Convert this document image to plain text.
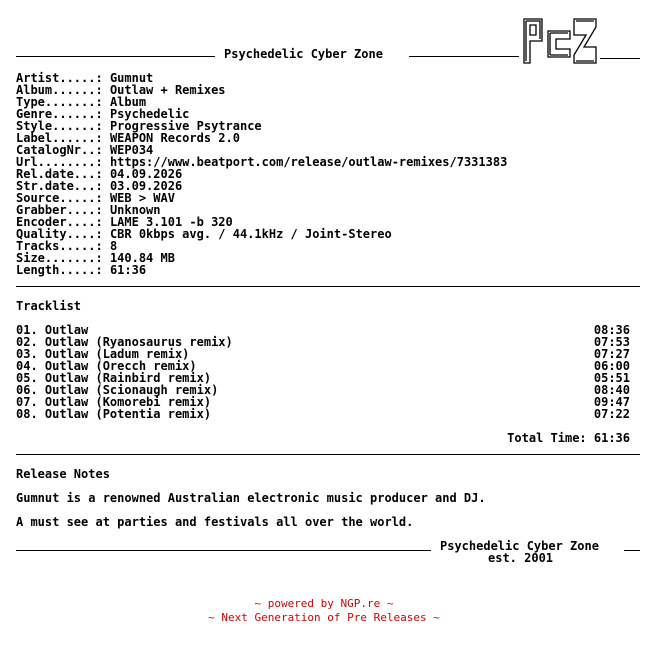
Psychedelic Cyber Zone
PCZ
Artist.....: Gumnut
Album......: Outlaw + Remixes
Type.......: Album
Genre......: Psychedelic
Style......: Progressive Psytrance
Label......: WEAPON Records 2.0
CatalogNr..: WEP034
Url........: https://www.beatport.com/release/outlaw-remixes/7331383
Rel.date...: 04.09.2026
Str.date...: 03.09.2026
Source.....: WEB > WAV
Grabber....: Unknown
Encoder....: LAME 3.101 -b 320
Quality....: CBR 0kbps avg. / 44.1kHz / Joint-Stereo
Tracks.....: 8
Size.......: 140.84 MB
Length.....: 61:36
Tracklist
01. Outlaw	08:36
02. Outlaw (Ryanosaurus remix)	07:53
03. Outlaw (Ladum remix)	07:27
04. Outlaw (Orecch remix)	06:00
05. Outlaw (Rainbird remix)	05:51
06. Outlaw (Scionaugh remix)	08:40
07. Outlaw (Komorebi remix)	09:47
08. Outlaw (Potentia remix)	07:22
Total Time: 61:36
Release Notes
Gumnut is a renowned Australian electronic music producer and DJ.
A must see at parties and festivals all over the world.
Psychedelic Cyber Zone
est. 2001
~ powered by NGP.re ~
~ Next Generation of Pre Releases ~
